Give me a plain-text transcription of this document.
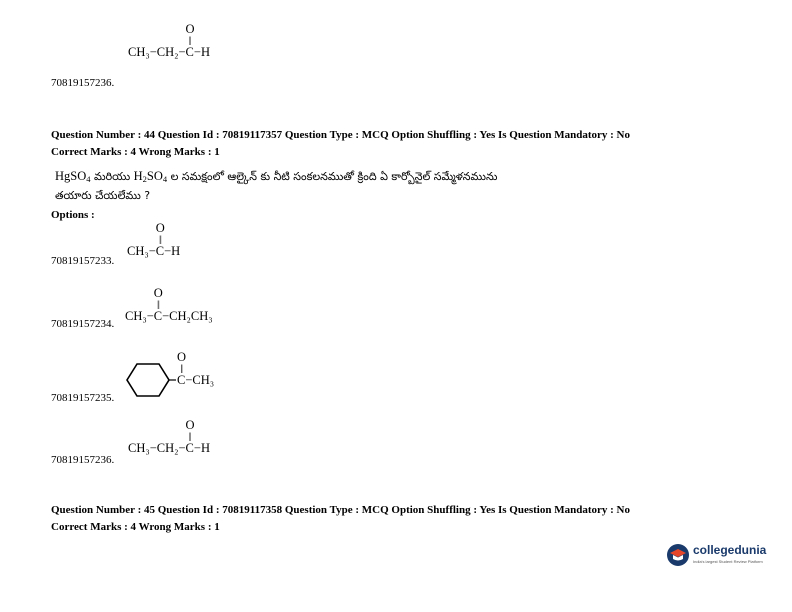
CH₃−CH₂−
O
||
C−H
70819157236.
Question Number : 44 Question Id : 70819117357 Question Type : MCQ Option Shuffling : Yes Is Question Mandatory : No
Correct Marks : 4 Wrong Marks : 1
HgSO$_4$ మరియు $H_2SO_4$ ల సమక్షంలో ఆల్కైన్ కు నీటి సంకలనముతో క్రింది ఏ కార్బోనైల్ సమ్మేళనమును
తయారు చేయలేము ?
Options :
CH₃−
O
||
C−H
70819157233.
CH₃−
O
||
C−CH₂CH₃
70819157234.
O
||
C−CH₃
70819157235.
CH₃−CH₂−
O
||
C−H
70819157236.
Question Number : 45 Question Id : 70819117358 Question Type : MCQ Option Shuffling : Yes Is Question Mandatory : No
Correct Marks : 4 Wrong Marks : 1
collegedunia
India's largest Student Review Platform
